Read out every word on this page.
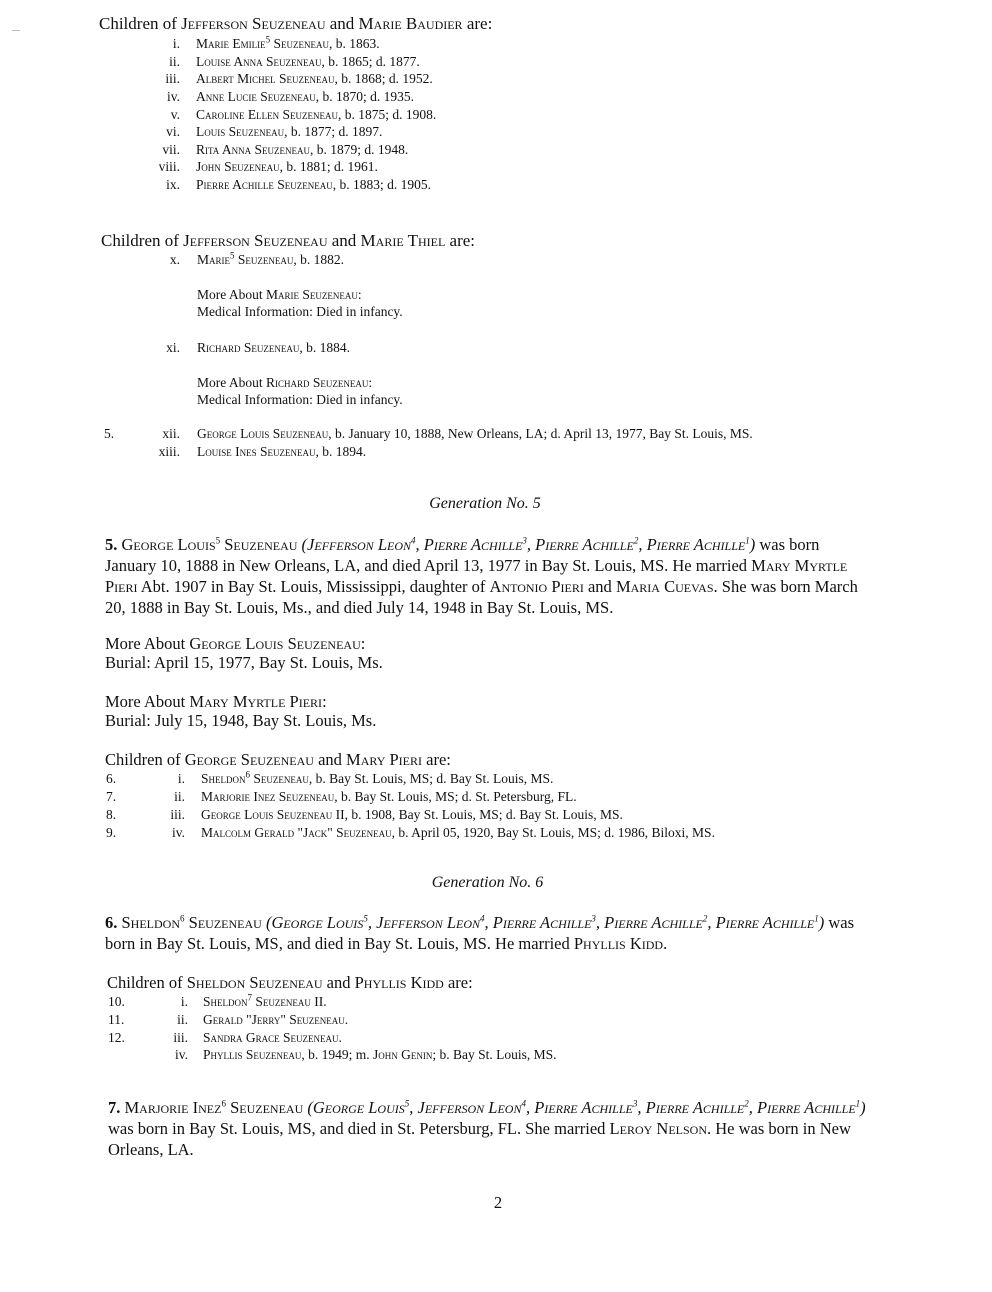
Children of Jefferson Seuzeneau and Marie Baudier are:
i. Marie Emilie$^5$ Seuzeneau, b. 1863.
ii. Louise Anna Seuzeneau, b. 1865; d. 1877.
iii. Albert Michel Seuzeneau, b. 1868; d. 1952.
iv. Anne Lucie Seuzeneau, b. 1870; d. 1935.
v. Caroline Ellen Seuzeneau, b. 1875; d. 1908.
vi. Louis Seuzeneau, b. 1877; d. 1897.
vii. Rita Anna Seuzeneau, b. 1879; d. 1948.
viii. John Seuzeneau, b. 1881; d. 1961.
ix. Pierre Achille Seuzeneau, b. 1883; d. 1905.
Children of Jefferson Seuzeneau and Marie Thiel are:
x. Marie$^5$ Seuzeneau, b. 1882.
More About Marie Seuzeneau:
Medical Information: Died in infancy.
xi. Richard Seuzeneau, b. 1884.
More About Richard Seuzeneau:
Medical Information: Died in infancy.
5.	xii. George Louis Seuzeneau, b. January 10, 1888, New Orleans, LA; d. April 13, 1977, Bay St. Louis, MS.
xiii. Louise Ines Seuzeneau, b. 1894.
Generation No. 5
5. George Louis$^5$ Seuzeneau (Jefferson Leon$^4$, Pierre Achille$^3$, Pierre Achille$^2$, Pierre Achille$^1$) was born January 10, 1888 in New Orleans, LA, and died April 13, 1977 in Bay St. Louis, MS. He married Mary Myrtle Pieri Abt. 1907 in Bay St. Louis, Mississippi, daughter of Antonio Pieri and Maria Cuevas. She was born March 20, 1888 in Bay St. Louis, Ms., and died July 14, 1948 in Bay St. Louis, MS.
More About George Louis Seuzeneau:
Burial: April 15, 1977, Bay St. Louis, Ms.
More About Mary Myrtle Pieri:
Burial: July 15, 1948, Bay St. Louis, Ms.
Children of George Seuzeneau and Mary Pieri are:
6.	i. Sheldon$^6$ Seuzeneau, b. Bay St. Louis, MS; d. Bay St. Louis, MS.
7.	ii. Marjorie Inez Seuzeneau, b. Bay St. Louis, MS; d. St. Petersburg, FL.
8.	iii. George Louis Seuzeneau II, b. 1908, Bay St. Louis, MS; d. Bay St. Louis, MS.
9.	iv. Malcolm Gerald "Jack" Seuzeneau, b. April 05, 1920, Bay St. Louis, MS; d. 1986, Biloxi, MS.
Generation No. 6
6. Sheldon$^6$ Seuzeneau (George Louis$^5$, Jefferson Leon$^4$, Pierre Achille$^3$, Pierre Achille$^2$, Pierre Achille$^1$) was born in Bay St. Louis, MS, and died in Bay St. Louis, MS. He married Phyllis Kidd.
Children of Sheldon Seuzeneau and Phyllis Kidd are:
10.	i. Sheldon$^7$ Seuzeneau II.
11.	ii. Gerald "Jerry" Seuzeneau.
12.	iii. Sandra Grace Seuzeneau.
iv. Phyllis Seuzeneau, b. 1949; m. John Genin; b. Bay St. Louis, MS.
7. Marjorie Inez$^6$ Seuzeneau (George Louis$^5$, Jefferson Leon$^4$, Pierre Achille$^3$, Pierre Achille$^2$, Pierre Achille$^1$) was born in Bay St. Louis, MS, and died in St. Petersburg, FL. She married Leroy Nelson. He was born in New Orleans, LA.
2
